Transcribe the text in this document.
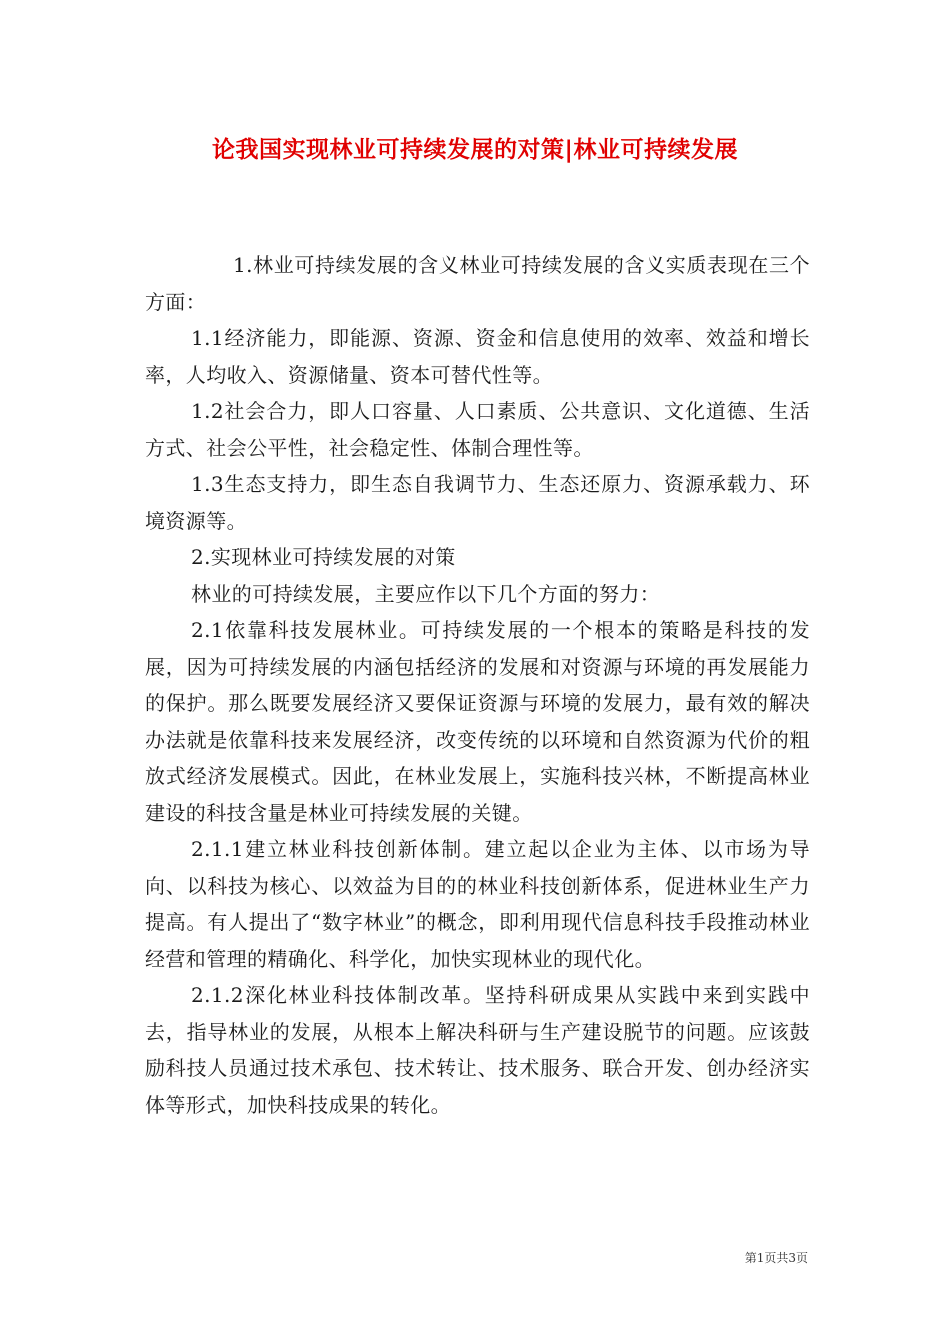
论我国实现林业可持续发展的对策|林业可持续发展

1.林业可持续发展的含义林业可持续发展的含义实质表现在三个方面：

1.1经济能力，即能源、资源、资金和信息使用的效率、效益和增长率，人均收入、资源储量、资本可替代性等。

1.2社会合力，即人口容量、人口素质、公共意识、文化道德、生活方式、社会公平性，社会稳定性、体制合理性等。

1.3生态支持力，即生态自我调节力、生态还原力、资源承载力、环境资源等。

2.实现林业可持续发展的对策

林业的可持续发展，主要应作以下几个方面的努力：

2.1依靠科技发展林业。可持续发展的一个根本的策略是科技的发展，因为可持续发展的内涵包括经济的发展和对资源与环境的再发展能力的保护。那么既要发展经济又要保证资源与环境的发展力，最有效的解决办法就是依靠科技来发展经济，改变传统的以环境和自然资源为代价的粗放式经济发展模式。因此，在林业发展上，实施科技兴林，不断提高林业建设的科技含量是林业可持续发展的关键。

2.1.1建立林业科技创新体制。建立起以企业为主体、以市场为导向、以科技为核心、以效益为目的的林业科技创新体系，促进林业生产力提高。有人提出了“数字林业”的概念，即利用现代信息科技手段推动林业经营和管理的精确化、科学化，加快实现林业的现代化。

2.1.2深化林业科技体制改革。坚持科研成果从实践中来到实践中去，指导林业的发展，从根本上解决科研与生产建设脱节的问题。应该鼓励科技人员通过技术承包、技术转让、技术服务、联合开发、创办经济实体等形式，加快科技成果的转化。

第1页共3页
